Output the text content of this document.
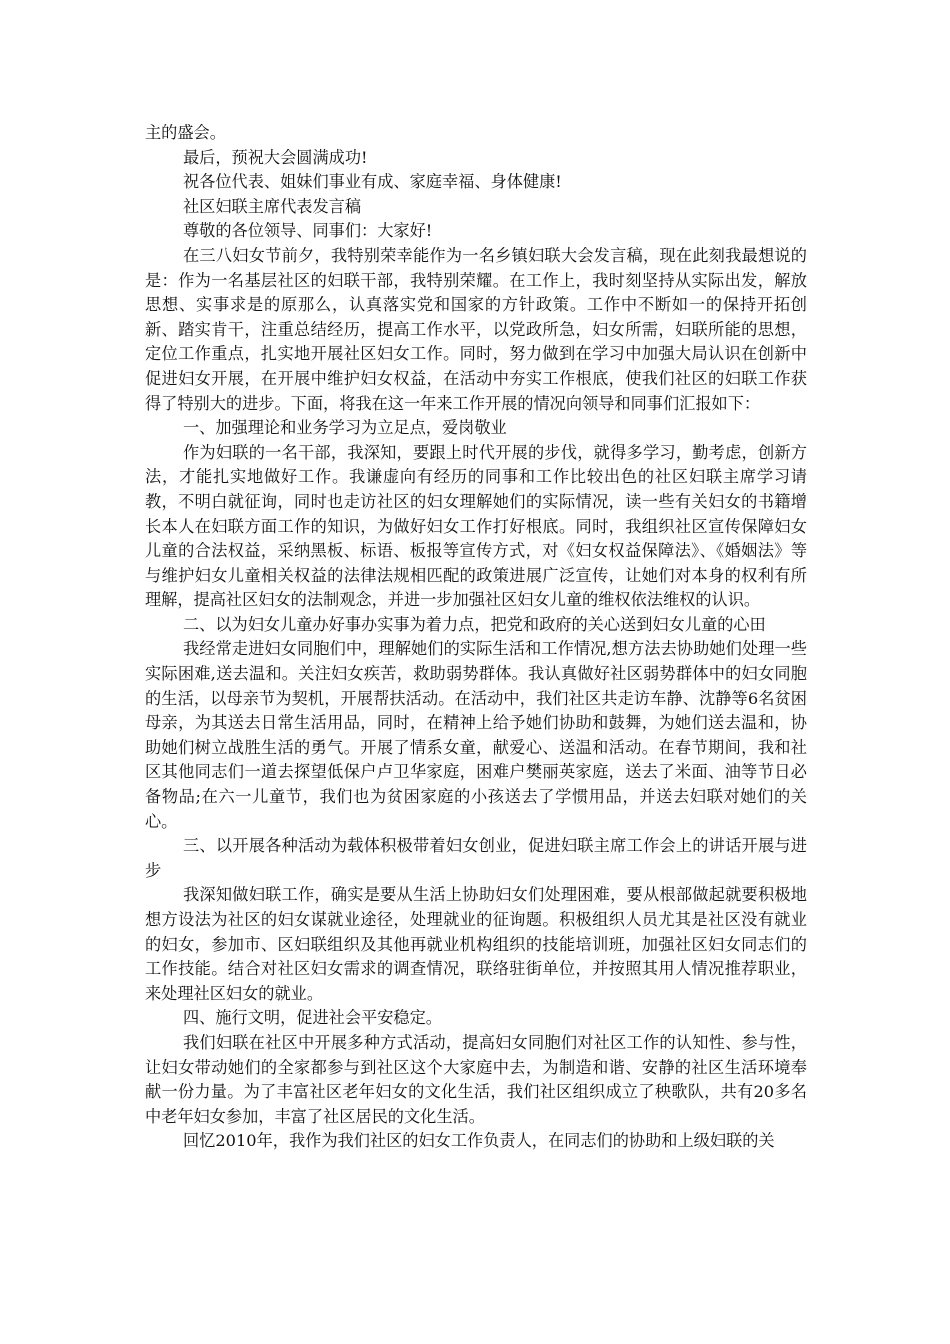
主的盛会。

最后，预祝大会圆满成功!

祝各位代表、姐妹们事业有成、家庭幸福、身体健康!

社区妇联主席代表发言稿

尊敬的各位领导、同事们：大家好!

在三八妇女节前夕，我特别荣幸能作为一名乡镇妇联大会发言稿，现在此刻我最想说的是：作为一名基层社区的妇联干部，我特别荣耀。在工作上，我时刻坚持从实际出发，解放思想、实事求是的原那么，认真落实党和国家的方针政策。工作中不断如一的保持开拓创新、踏实肯干，注重总结经历，提高工作水平，以党政所急，妇女所需，妇联所能的思想，定位工作重点，扎实地开展社区妇女工作。同时，努力做到在学习中加强大局认识在创新中促进妇女开展，在开展中维护妇女权益，在活动中夯实工作根底，使我们社区的妇联工作获得了特别大的进步。下面，将我在这一年来工作开展的情况向领导和同事们汇报如下：

一、加强理论和业务学习为立足点，爱岗敬业

作为妇联的一名干部，我深知，要跟上时代开展的步伐，就得多学习，勤考虑，创新方法，才能扎实地做好工作。我谦虚向有经历的同事和工作比较出色的社区妇联主席学习请教，不明白就征询，同时也走访社区的妇女理解她们的实际情况，读一些有关妇女的书籍增长本人在妇联方面工作的知识，为做好妇女工作打好根底。同时，我组织社区宣传保障妇女儿童的合法权益，采纳黑板、标语、板报等宣传方式，对《妇女权益保障法》、《婚姻法》等与维护妇女儿童相关权益的法律法规相匹配的政策进展广泛宣传，让她们对本身的权利有所理解，提高社区妇女的法制观念，并进一步加强社区妇女儿童的维权依法维权的认识。

二、以为妇女儿童办好事办实事为着力点，把党和政府的关心送到妇女儿童的心田

我经常走进妇女同胞们中，理解她们的实际生活和工作情况,想方法去协助她们处理一些实际困难,送去温和。关注妇女疾苦，救助弱势群体。我认真做好社区弱势群体中的妇女同胞的生活，以母亲节为契机，开展帮扶活动。在活动中，我们社区共走访车静、沈静等6名贫困母亲，为其送去日常生活用品，同时，在精神上给予她们协助和鼓舞，为她们送去温和，协助她们树立战胜生活的勇气。开展了情系女童，献爱心、送温和活动。在春节期间，我和社区其他同志们一道去探望低保户卢卫华家庭，困难户樊丽英家庭，送去了米面、油等节日必备物品;在六一儿童节，我们也为贫困家庭的小孩送去了学惯用品，并送去妇联对她们的关心。

三、以开展各种活动为载体积极带着妇女创业，促进妇联主席工作会上的讲话开展与进步

我深知做妇联工作，确实是要从生活上协助妇女们处理困难，要从根部做起就要积极地想方设法为社区的妇女谋就业途径，处理就业的征询题。积极组织人员尤其是社区没有就业的妇女，参加市、区妇联组织及其他再就业机构组织的技能培训班，加强社区妇女同志们的工作技能。结合对社区妇女需求的调查情况，联络驻街单位，并按照其用人情况推荐职业，来处理社区妇女的就业。

四、施行文明，促进社会平安稳定。

我们妇联在社区中开展多种方式活动，提高妇女同胞们对社区工作的认知性、参与性，让妇女带动她们的全家都参与到社区这个大家庭中去，为制造和谐、安静的社区生活环境奉献一份力量。为了丰富社区老年妇女的文化生活，我们社区组织成立了秧歌队，共有20多名中老年妇女参加，丰富了社区居民的文化生活。

回忆2010年，我作为我们社区的妇女工作负责人，在同志们的协助和上级妇联的关
